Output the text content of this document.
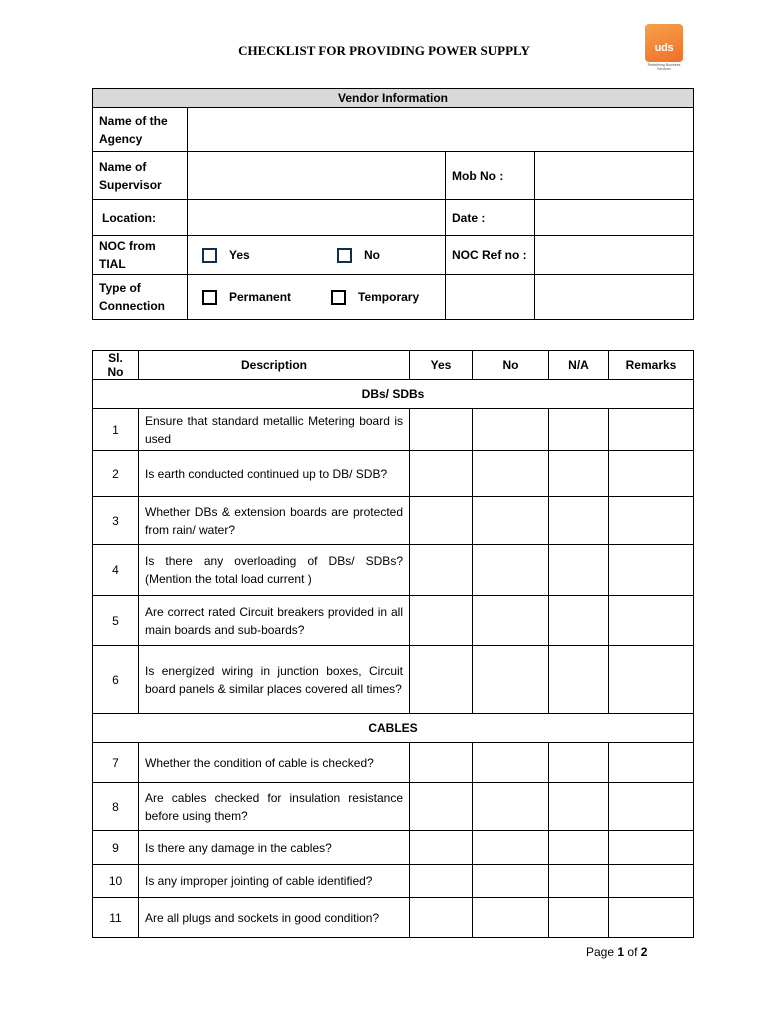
CHECKLIST FOR PROVIDING POWER SUPPLY	uds
Redefining Business Services
Vendor Information			
Name of the Agency			
Name of Supervisor		Mob No :	
Location:		Date :	
NOC from TIAL	Yes No	NOC Ref no :	
Type of Connection	Permanent Temporary		
Sl. No	Description	Yes	No	N/A	Remarks
DBs/ SDBs					
1	Ensure that standard metallic Metering board is used				
2	Is earth conducted continued up to DB/ SDB?				
3	Whether DBs & extension boards are protected from rain/ water?				
4	Is there any overloading of DBs/ SDBs? (Mention the total load current )				
5	Are correct rated Circuit breakers provided in all main boards and sub-boards?				
6	Is energized wiring in junction boxes, Circuit board panels & similar places covered all times?				
CABLES					
7	Whether the condition of cable is checked?				
8	Are cables checked for insulation resistance before using them?				
9	Is there any damage in the cables?				
10	Is any improper jointing of cable identified?				
11	Are all plugs and sockets in good condition?				
Page 1 of 2
